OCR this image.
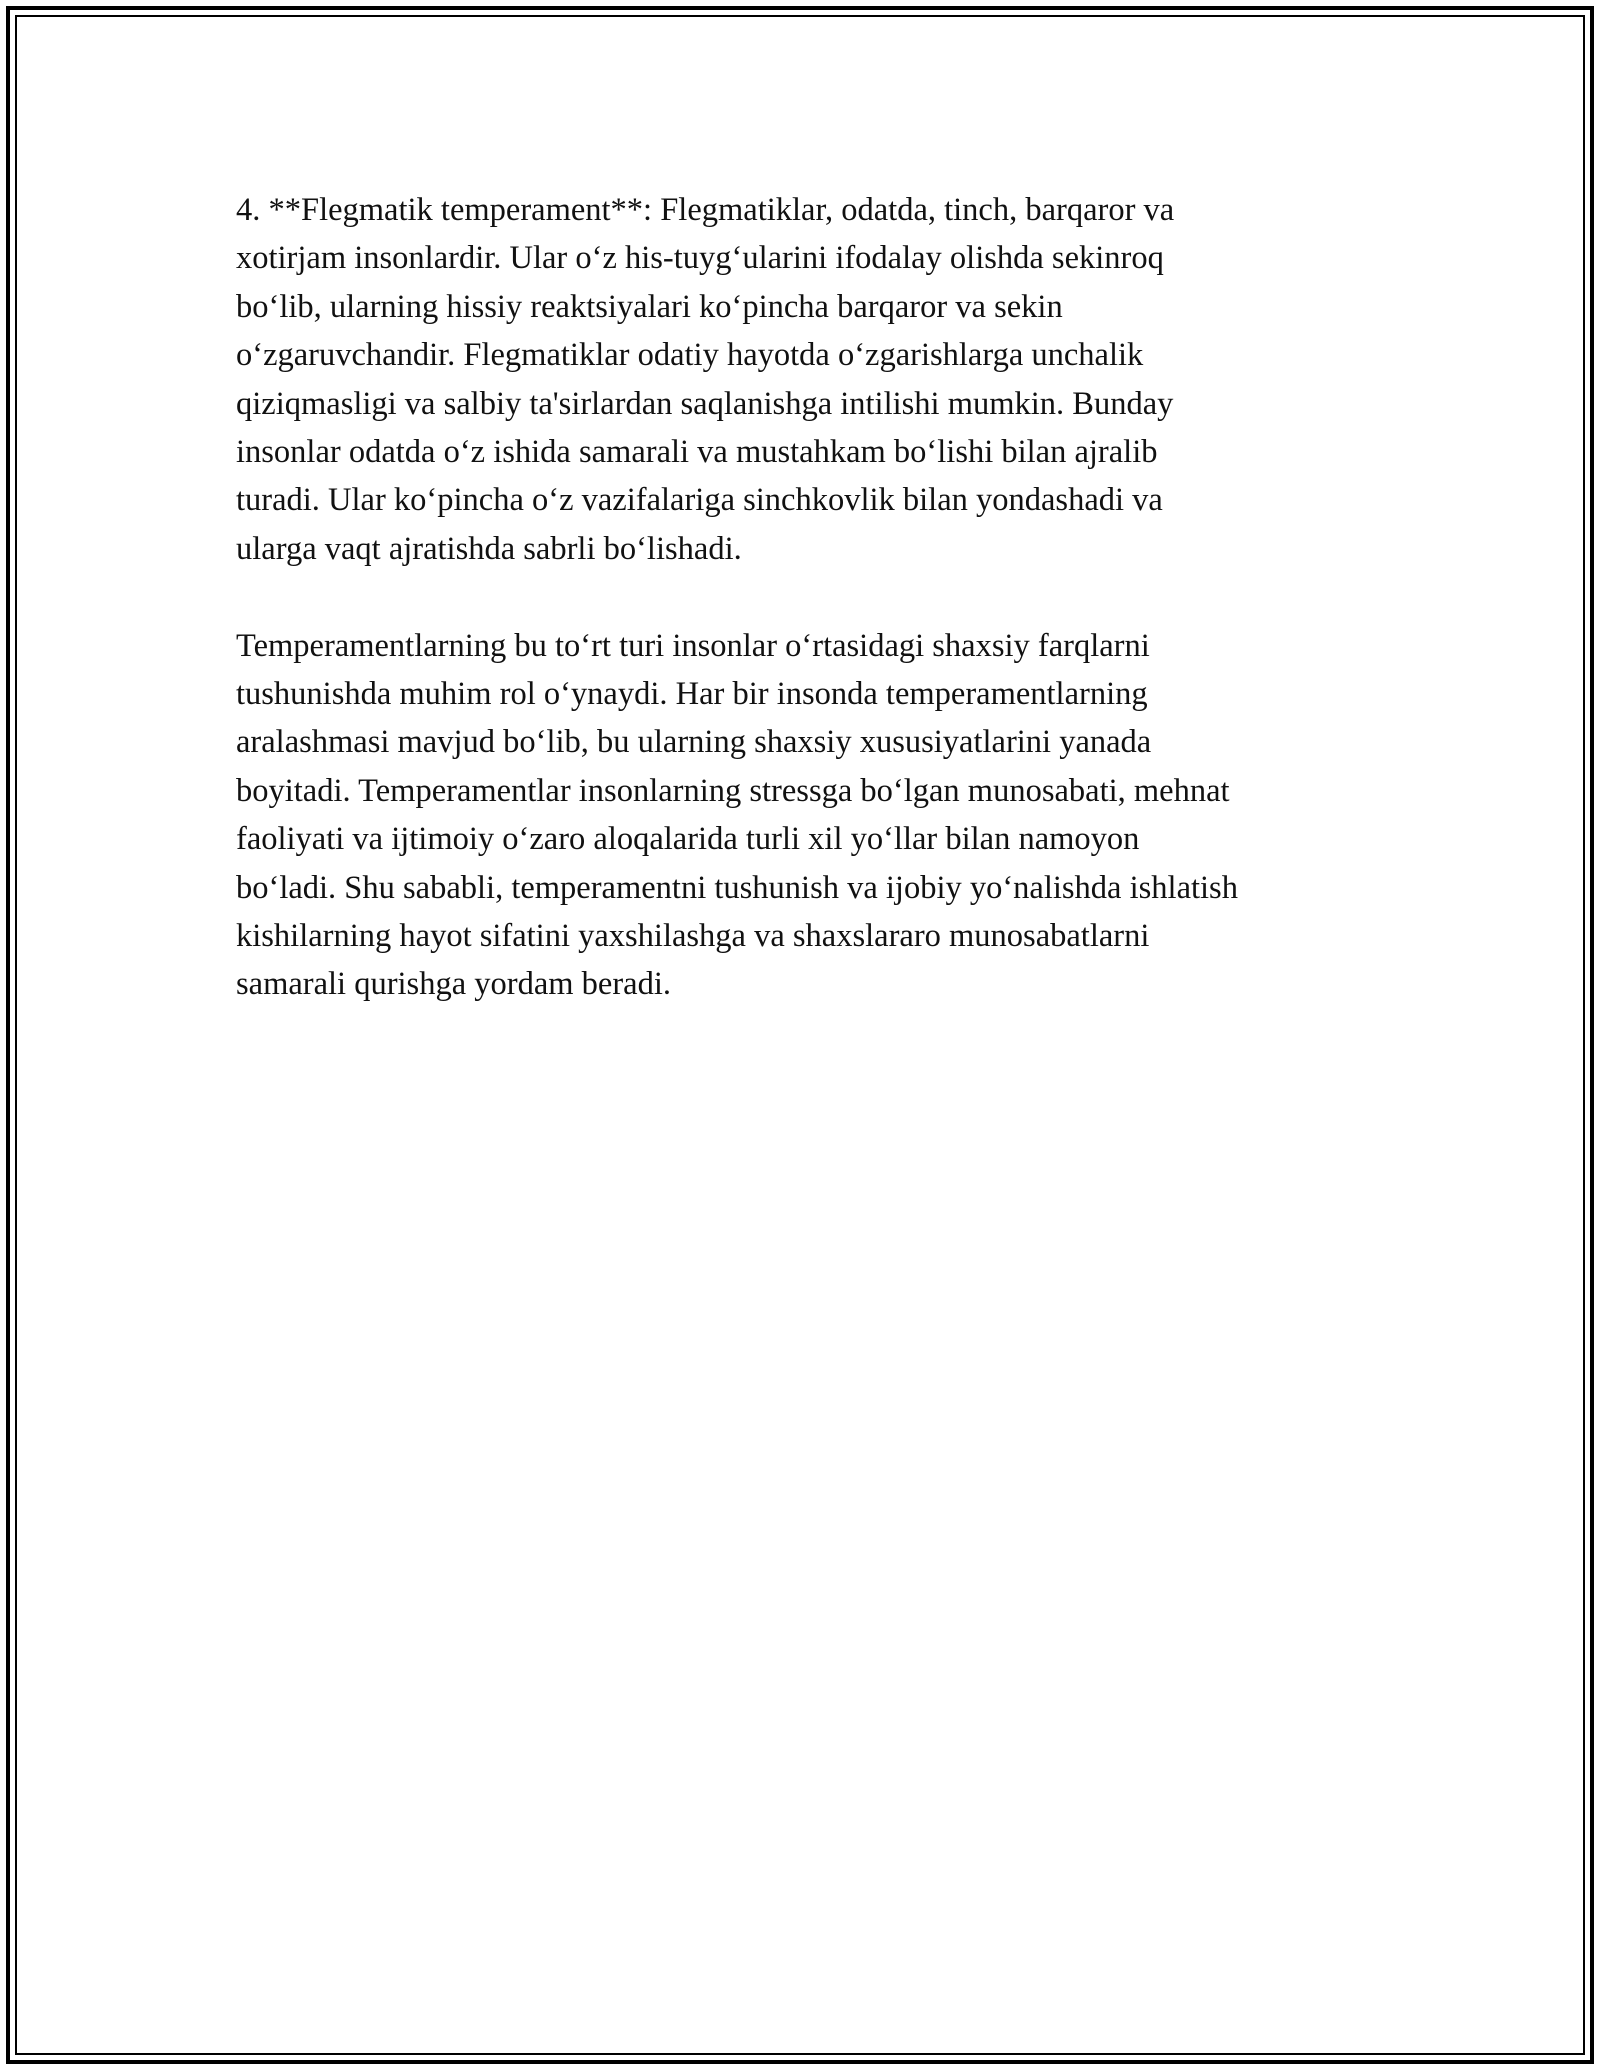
4. **Flegmatik temperament**: Flegmatiklar, odatda, tinch, barqaror va
xotirjam insonlardir. Ular o‘z his-tuyg‘ularini ifodalay olishda sekinroq
bo‘lib, ularning hissiy reaktsiyalari ko‘pincha barqaror va sekin
o‘zgaruvchandir. Flegmatiklar odatiy hayotda o‘zgarishlarga unchalik
qiziqmasligi va salbiy ta'sirlardan saqlanishga intilishi mumkin. Bunday
insonlar odatda o‘z ishida samarali va mustahkam bo‘lishi bilan ajralib
turadi. Ular ko‘pincha o‘z vazifalariga sinchkovlik bilan yondashadi va
ularga vaqt ajratishda sabrli bo‘lishadi.

Temperamentlarning bu to‘rt turi insonlar o‘rtasidagi shaxsiy farqlarni
tushunishda muhim rol o‘ynaydi. Har bir insonda temperamentlarning
aralashmasi mavjud bo‘lib, bu ularning shaxsiy xususiyatlarini yanada
boyitadi. Temperamentlar insonlarning stressga bo‘lgan munosabati, mehnat
faoliyati va ijtimoiy o‘zaro aloqalarida turli xil yo‘llar bilan namoyon
bo‘ladi. Shu sababli, temperamentni tushunish va ijobiy yo‘nalishda ishlatish
kishilarning hayot sifatini yaxshilashga va shaxslararo munosabatlarni
samarali qurishga yordam beradi.
